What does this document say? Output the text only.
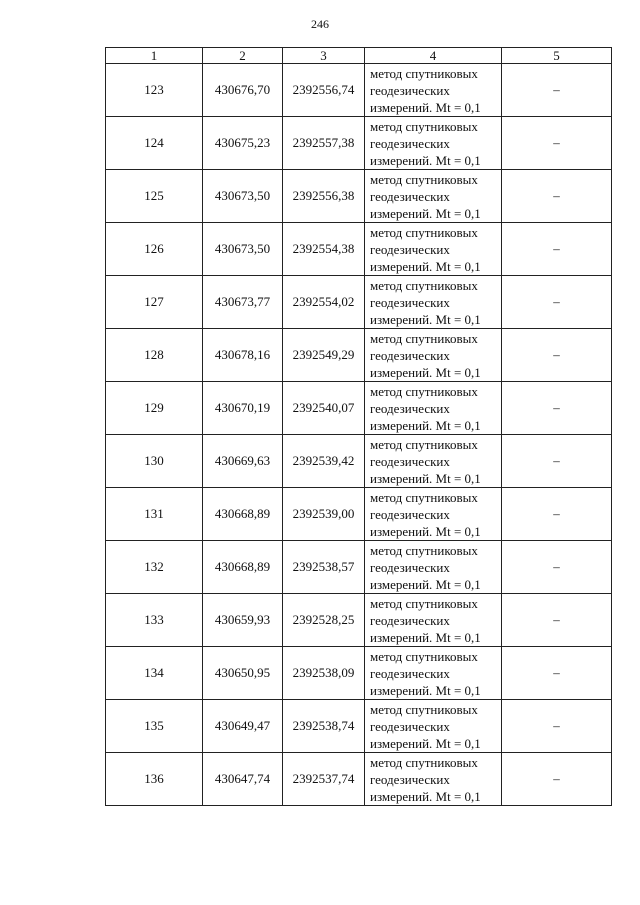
246
1	2	3	4	5
123	430676,70	2392556,74	метод спутниковых
геодезических
измерений. Mt = 0,1	–
124	430675,23	2392557,38	метод спутниковых
геодезических
измерений. Mt = 0,1	–
125	430673,50	2392556,38	метод спутниковых
геодезических
измерений. Mt = 0,1	–
126	430673,50	2392554,38	метод спутниковых
геодезических
измерений. Mt = 0,1	–
127	430673,77	2392554,02	метод спутниковых
геодезических
измерений. Mt = 0,1	–
128	430678,16	2392549,29	метод спутниковых
геодезических
измерений. Mt = 0,1	–
129	430670,19	2392540,07	метод спутниковых
геодезических
измерений. Mt = 0,1	–
130	430669,63	2392539,42	метод спутниковых
геодезических
измерений. Mt = 0,1	–
131	430668,89	2392539,00	метод спутниковых
геодезических
измерений. Mt = 0,1	–
132	430668,89	2392538,57	метод спутниковых
геодезических
измерений. Mt = 0,1	–
133	430659,93	2392528,25	метод спутниковых
геодезических
измерений. Mt = 0,1	–
134	430650,95	2392538,09	метод спутниковых
геодезических
измерений. Mt = 0,1	–
135	430649,47	2392538,74	метод спутниковых
геодезических
измерений. Mt = 0,1	–
136	430647,74	2392537,74	метод спутниковых
геодезических
измерений. Mt = 0,1	–
